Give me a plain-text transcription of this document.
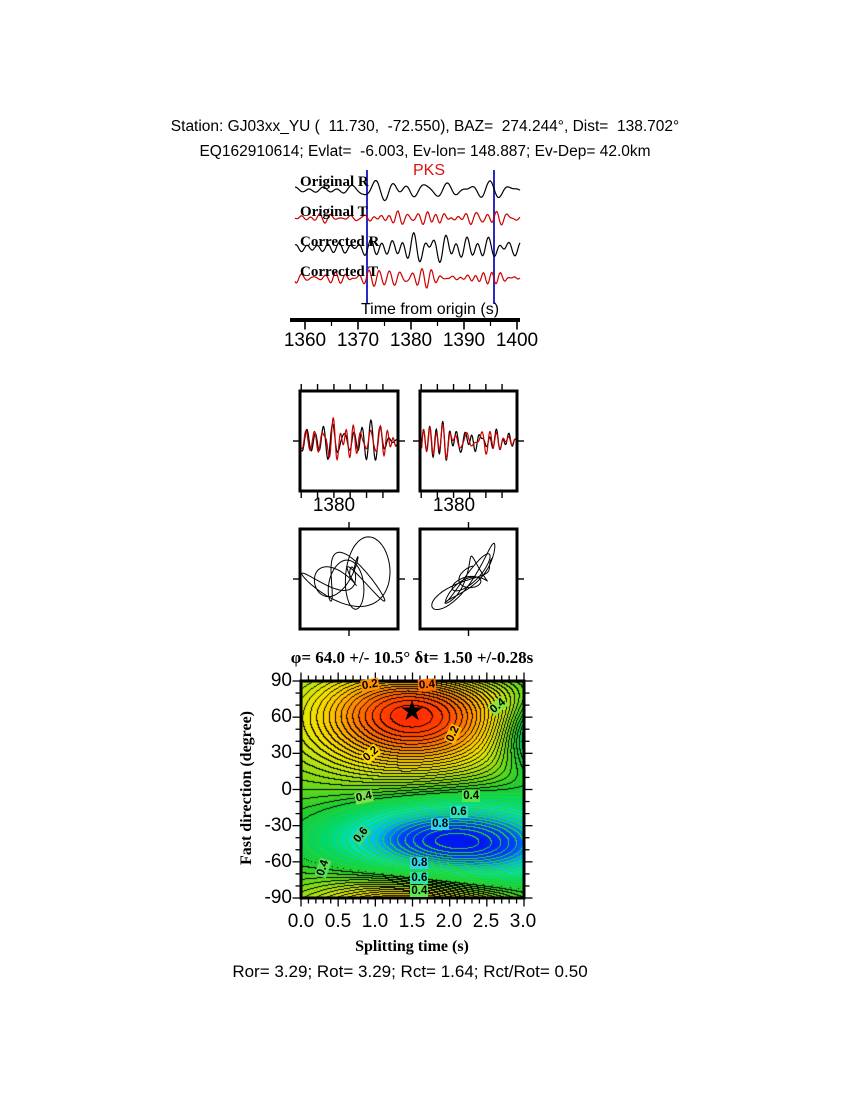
Station: GJ03xx_YU (  11.730,  -72.550), BAZ=  274.244°, Dist=  138.702°
EQ162910614; Evlat=  -6.003, Ev-lon= 148.887; Ev-Dep= 42.0km
Original R
Original T
Corrected R
Corrected T
PKS
Time from origin (s)
1360 1370 1380 1390 1400
1380	1380
φ= 64.0 +/- 10.5° δt= 1.50 +/-0.28s
Fast direction (degree)
90
60
30
0
-30
-60
-90
0.0 0.5 1.0 1.5 2.0 2.5 3.0
0.2	0.4
0.4
0.2
0.2
0.4	0.4
0.6
0.8
0.6
0.4	0.8
0.6
0.4
★
Splitting time (s)
Ror= 3.29; Rot= 3.29; Rct= 1.64; Rct/Rot= 0.50
